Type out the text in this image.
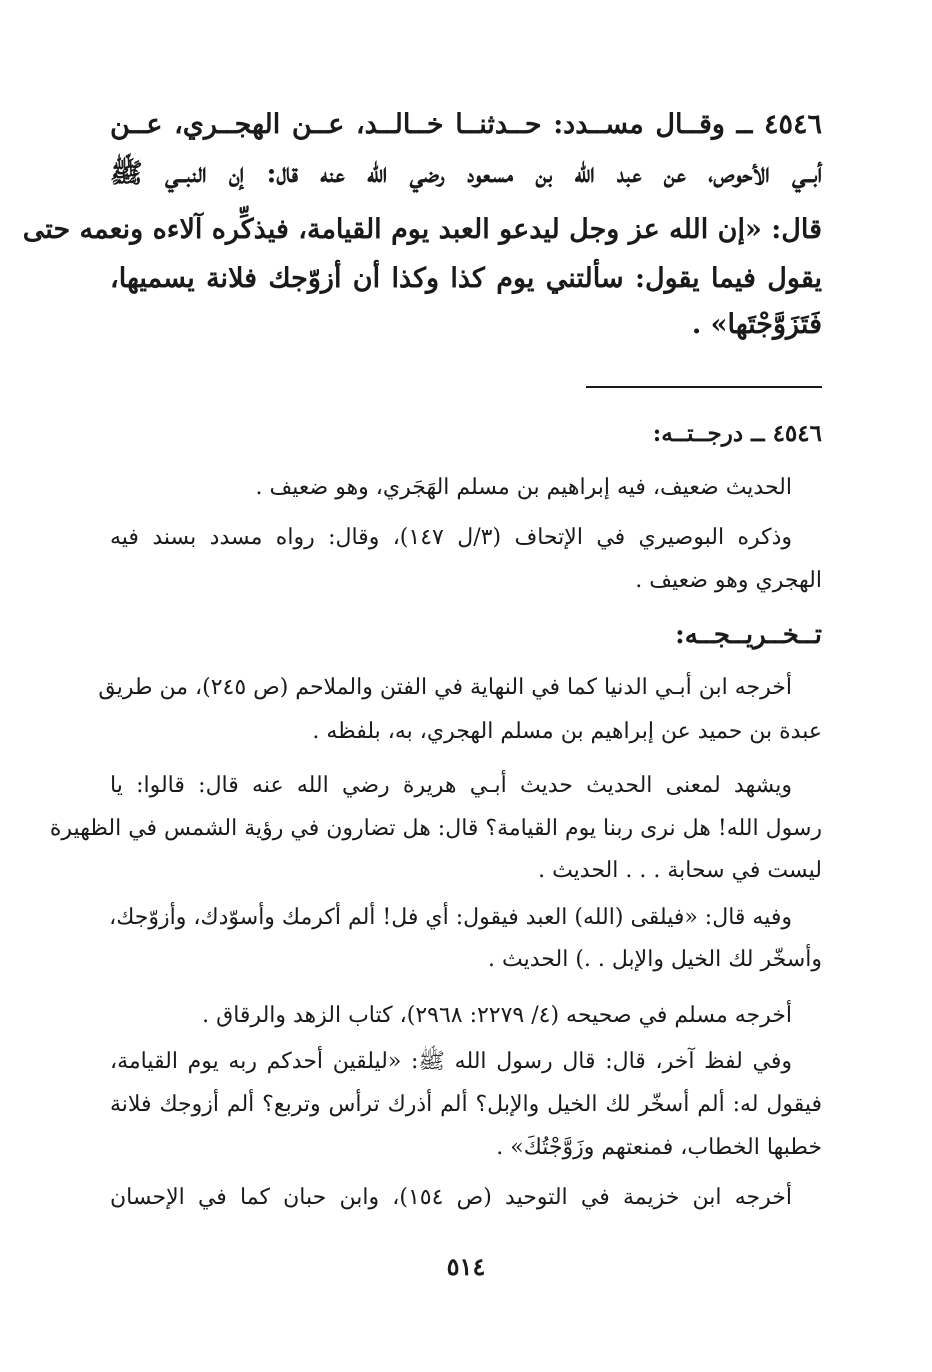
٤٥٤٦ ــ وقــال مســدد: حــدثنــا خــالــد، عــن الهجــري، عــن
أبــي الأحوص، عن عبد الله بن مسعود رضي الله عنه قال: إن النبــي ﷺ
قال: «إن الله عز وجل ليدعو العبد يوم القيامة، فيذكِّره آلاءه ونعمه حتى
يقول فيما يقول: سألتني يوم كذا وكذا أن أزوّجك فلانة يسميها،
فَتَزَوَّجْتَها» .
٤٥٤٦ ــ درجــتــه:
الحديث ضعيف، فيه إبراهيم بن مسلم الهَجَري، وهو ضعيف .
وذكره البوصيري في الإتحاف (٣/ل ١٤٧)، وقال: رواه مسدد بسند فيه
الهجري وهو ضعيف .
تــخــريــجــه:
أخرجه ابن أبـي الدنيا كما في النهاية في الفتن والملاحم (ص ٢٤٥)، من طريق
عبدة بن حميد عن إبراهيم بن مسلم الهجري، به، بلفظه .
ويشهد لمعنى الحديث حديث أبـي هريرة رضي الله عنه قال: قالوا: يا
رسول الله! هل نرى ربنا يوم القيامة؟ قال: هل تضارون في رؤية الشمس في الظهيرة
ليست في سحابة . . . الحديث .
وفيه قال: «فيلقى (الله) العبد فيقول: أي فل! ألم أكرمك وأسوّدك، وأزوّجك،
وأسخّر لك الخيل والإبل . .) الحديث .
أخرجه مسلم في صحيحه (٤/ ٢٢٧٩: ٢٩٦٨)، كتاب الزهد والرقاق .
وفي لفظ آخر، قال: قال رسول الله ﷺ: «ليلقين أحدكم ربه يوم القيامة،
فيقول له: ألم أسخّر لك الخيل والإبل؟ ألم أذرك ترأس وتربع؟ ألم أزوجك فلانة
خطبها الخطاب، فمنعتهم وزَوَّجْتُكَ» .
أخرجه ابن خزيمة في التوحيد (ص ١٥٤)، وابن حبان كما في الإحسان
٥١٤
